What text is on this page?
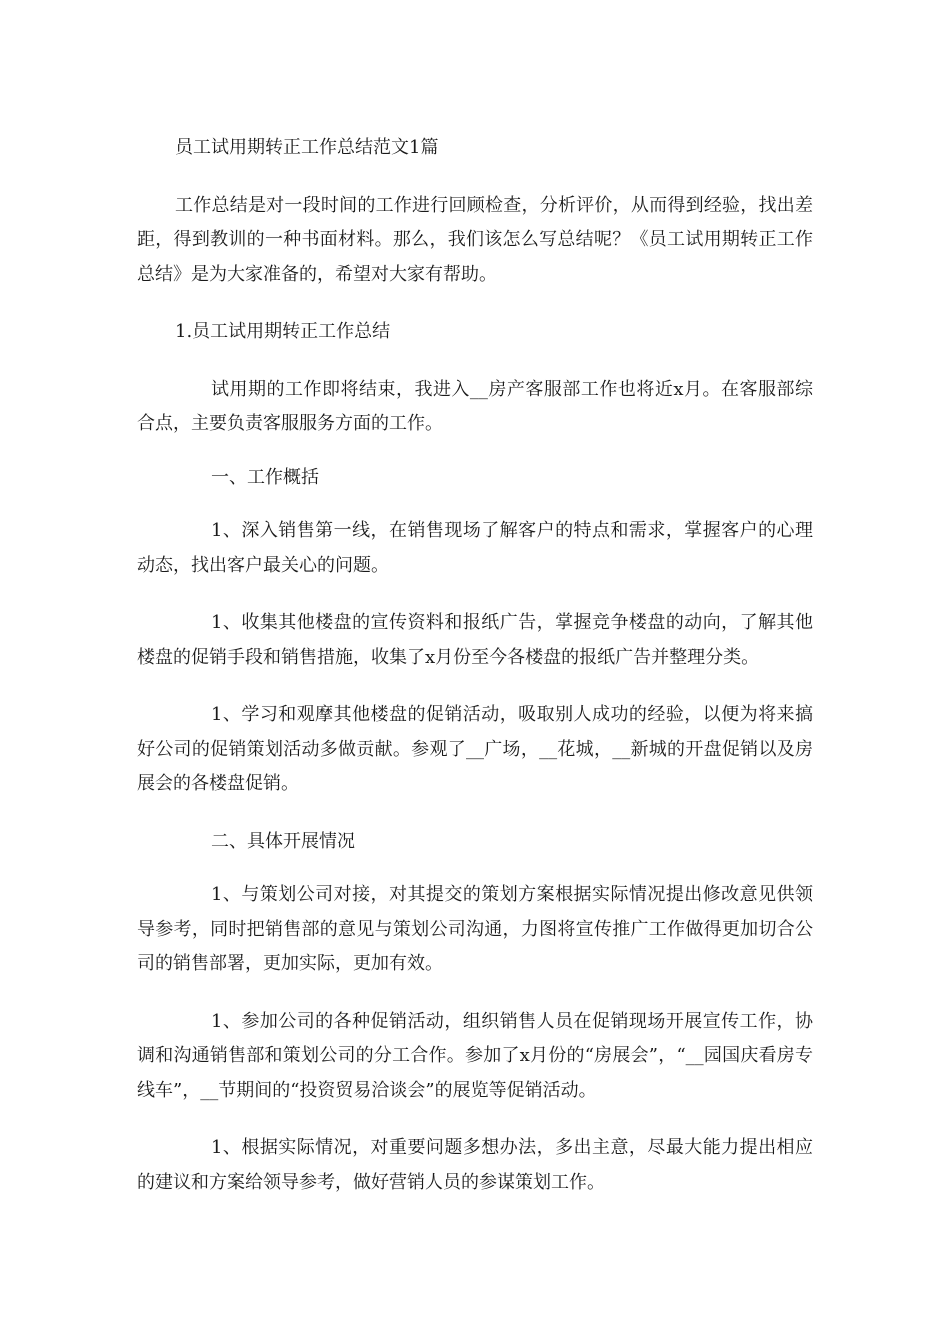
员工试用期转正工作总结范文1篇

工作总结是对一段时间的工作进行回顾检查，分析评价，从而得到经验，找出差距，得到教训的一种书面材料。那么，我们该怎么写总结呢？《员工试用期转正工作总结》是为大家准备的，希望对大家有帮助。

1.员工试用期转正工作总结

试用期的工作即将结束，我进入__房产客服部工作也将近x月。在客服部综合点，主要负责客服服务方面的工作。

一、工作概括

1、深入销售第一线，在销售现场了解客户的特点和需求，掌握客户的心理动态，找出客户最关心的问题。

1、收集其他楼盘的宣传资料和报纸广告，掌握竞争楼盘的动向，了解其他楼盘的促销手段和销售措施，收集了x月份至今各楼盘的报纸广告并整理分类。

1、学习和观摩其他楼盘的促销活动，吸取别人成功的经验，以便为将来搞好公司的促销策划活动多做贡献。参观了__广场，__花城，__新城的开盘促销以及房展会的各楼盘促销。

二、具体开展情况

1、与策划公司对接，对其提交的策划方案根据实际情况提出修改意见供领导参考，同时把销售部的意见与策划公司沟通，力图将宣传推广工作做得更加切合公司的销售部署，更加实际，更加有效。

1、参加公司的各种促销活动，组织销售人员在促销现场开展宣传工作，协调和沟通销售部和策划公司的分工合作。参加了x月份的“房展会”，“__园国庆看房专线车”，__节期间的“投资贸易洽谈会”的展览等促销活动。

1、根据实际情况，对重要问题多想办法，多出主意，尽最大能力提出相应的建议和方案给领导参考，做好营销人员的参谋策划工作。
